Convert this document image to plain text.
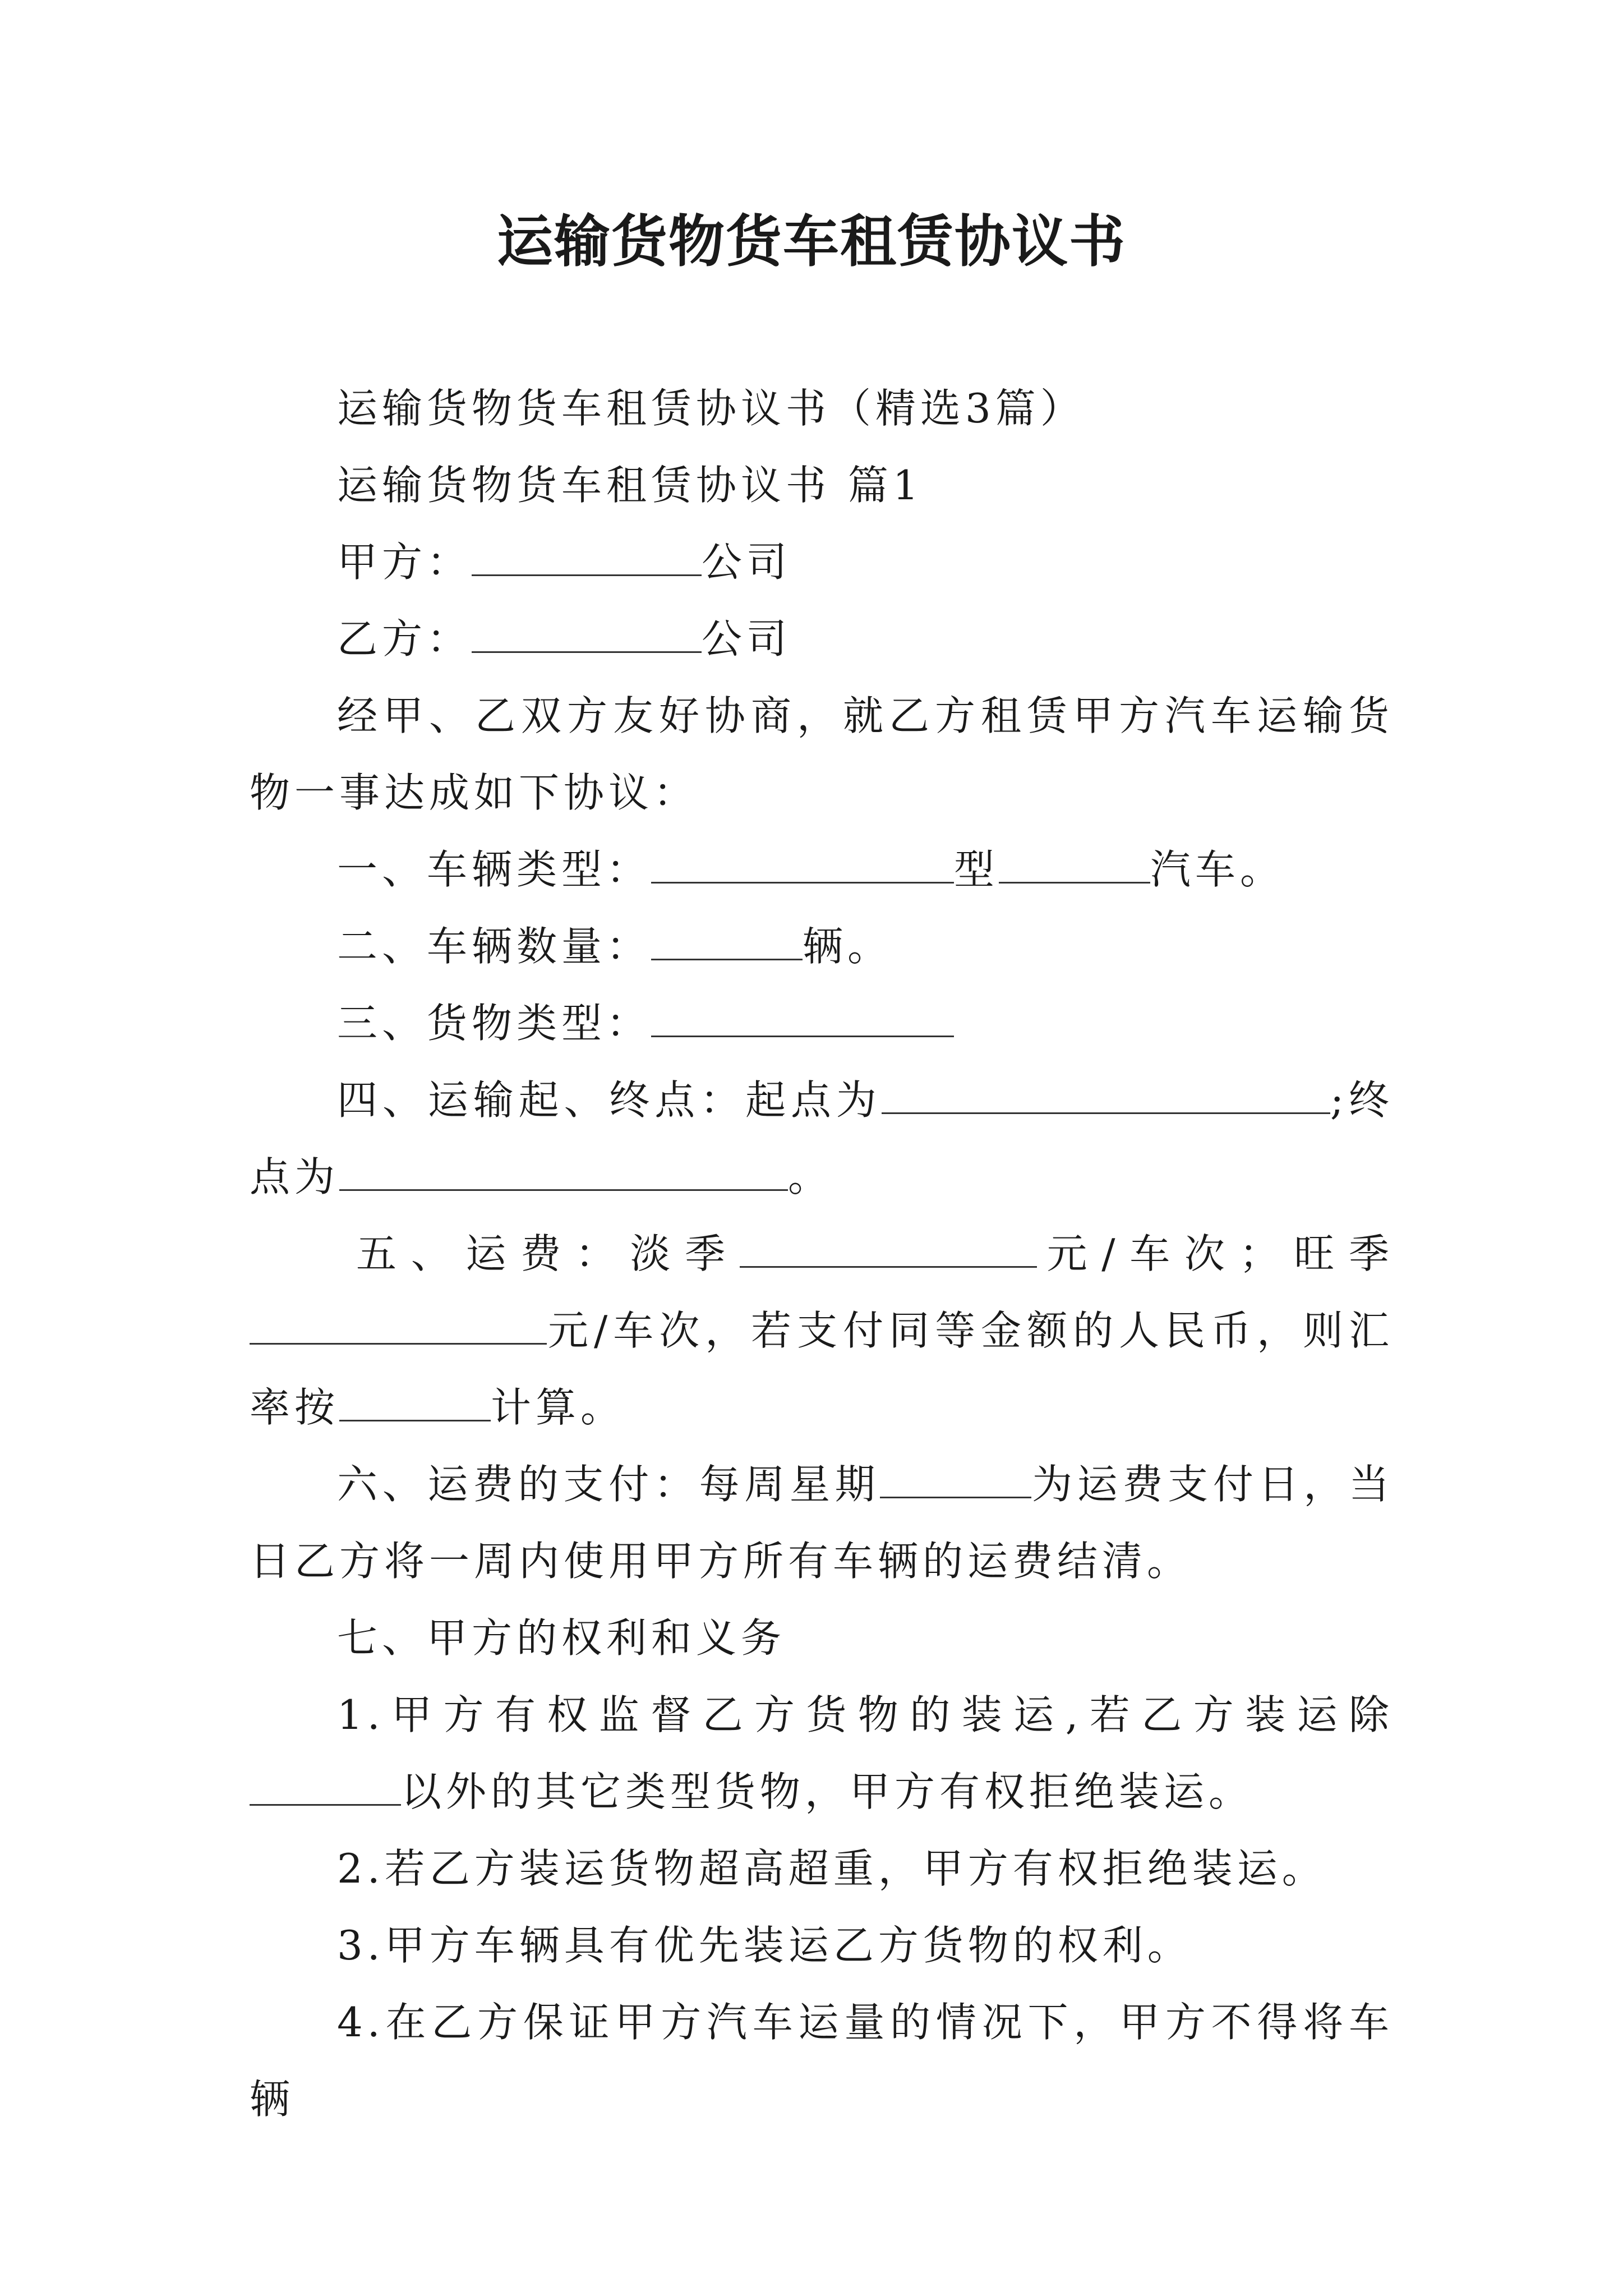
运输货物货车租赁协议书

运输货物货车租赁协议书（精选3篇）

运输货物货车租赁协议书 篇1

甲方：	公司

乙方：	公司

经甲、乙双方友好协商，就乙方租赁甲方汽车运输货物一事达成如下协议：

一、车辆类型：	型	汽车。

二、车辆数量：	辆。

三、货物类型：

四、运输起、终点：起点为	;终点为	。

五、运费：淡季	元/车次；旺季元/车次，若支付同等金额的人民币，则汇率按	计算。

六、运费的支付：每周星期	为运费支付日，当日乙方将一周内使用甲方所有车辆的运费结清。

七、甲方的权利和义务

1.甲方有权监督乙方货物的装运,若乙方装运除以外的其它类型货物，甲方有权拒绝装运。

2.若乙方装运货物超高超重，甲方有权拒绝装运。

3.甲方车辆具有优先装运乙方货物的权利。

4.在乙方保证甲方汽车运量的情况下，甲方不得将车辆
